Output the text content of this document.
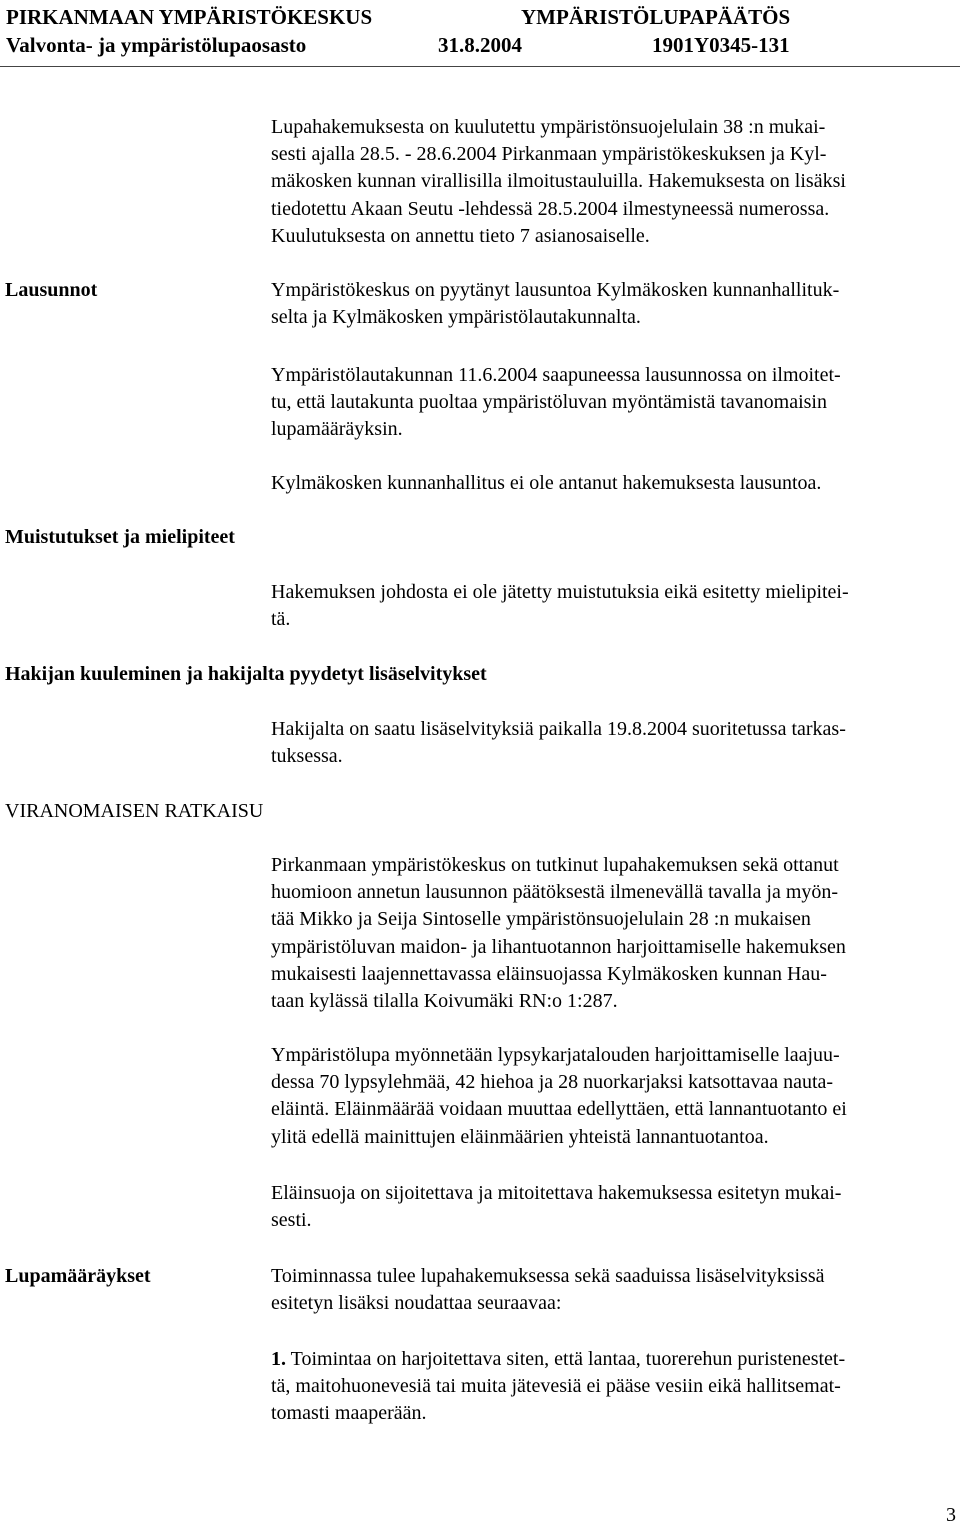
PIRKANMAAN YMPÄRISTÖKESKUS	YMPÄRISTÖLUPAPÄÄTÖS
Valvonta- ja ympäristölupaosasto	31.8.2004	1901Y0345-131
Lupahakemuksesta on kuulutettu ympäristönsuojelulain 38 :n mukai-
sesti ajalla 28.5. - 28.6.2004 Pirkanmaan ympäristökeskuksen ja Kyl-
mäkosken kunnan virallisilla ilmoitustauluilla. Hakemuksesta on lisäksi
tiedotettu Akaan Seutu -lehdessä 28.5.2004 ilmestyneessä numerossa.
Kuulutuksesta on annettu tieto 7 asianosaiselle.
Lausunnot	Ympäristökeskus on pyytänyt lausuntoa Kylmäkosken kunnanhallituk-
selta ja Kylmäkosken ympäristölautakunnalta.
Ympäristölautakunnan 11.6.2004 saapuneessa lausunnossa on ilmoitet-
tu, että lautakunta puoltaa ympäristöluvan myöntämistä tavanomaisin
lupamääräyksin.
Kylmäkosken kunnanhallitus ei ole antanut hakemuksesta lausuntoa.
Muistutukset ja mielipiteet
Hakemuksen johdosta ei ole jätetty muistutuksia eikä esitetty mielipitei-
tä.
Hakijan kuuleminen ja hakijalta pyydetyt lisäselvitykset
Hakijalta on saatu lisäselvityksiä paikalla 19.8.2004 suoritetussa tarkas-
tuksessa.
VIRANOMAISEN RATKAISU
Pirkanmaan ympäristökeskus on tutkinut lupahakemuksen sekä ottanut
huomioon annetun lausunnon päätöksestä ilmenevällä tavalla ja myön-
tää Mikko ja Seija Sintoselle ympäristönsuojelulain 28 :n mukaisen
ympäristöluvan maidon- ja lihantuotannon harjoittamiselle hakemuksen
mukaisesti laajennettavassa eläinsuojassa Kylmäkosken kunnan Hau-
taan kylässä tilalla Koivumäki RN:o 1:287.
Ympäristölupa myönnetään lypsykarjatalouden harjoittamiselle laajuu-
dessa 70 lypsylehmää, 42 hiehoa ja 28 nuorkarjaksi katsottavaa nauta-
eläintä. Eläinmäärää voidaan muuttaa edellyttäen, että lannantuotanto ei
ylitä edellä mainittujen eläinmäärien yhteistä lannantuotantoa.
Eläinsuoja on sijoitettava ja mitoitettava hakemuksessa esitetyn mukai-
sesti.
Lupamääräykset	Toiminnassa tulee lupahakemuksessa sekä saaduissa lisäselvityksissä
esitetyn lisäksi noudattaa seuraavaa:
1. Toimintaa on harjoitettava siten, että lantaa, tuorerehun puristenestet-
tä, maitohuonevesiä tai muita jätevesiä ei pääse vesiin eikä hallitsemat-
tomasti maaperään.
3
